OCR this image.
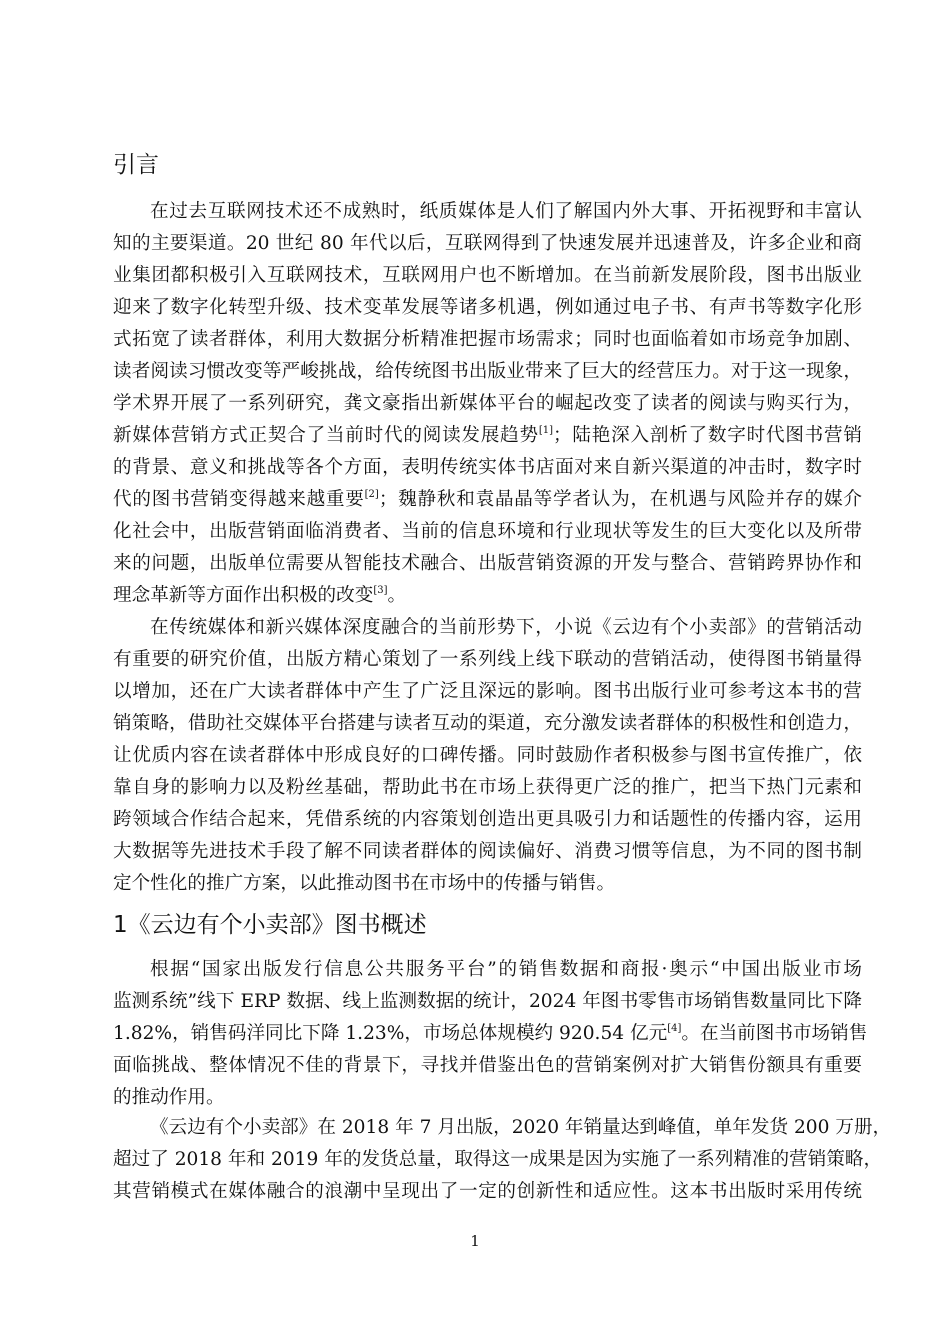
引言
在过去互联网技术还不成熟时，纸质媒体是人们了解国内外大事、开拓视野和丰富认
知的主要渠道。20 世纪 80 年代以后，互联网得到了快速发展并迅速普及，许多企业和商
业集团都积极引入互联网技术，互联网用户也不断增加。在当前新发展阶段，图书出版业
迎来了数字化转型升级、技术变革发展等诸多机遇，例如通过电子书、有声书等数字化形
式拓宽了读者群体，利用大数据分析精准把握市场需求；同时也面临着如市场竞争加剧、
读者阅读习惯改变等严峻挑战，给传统图书出版业带来了巨大的经营压力。对于这一现象，
学术界开展了一系列研究，龚文豪指出新媒体平台的崛起改变了读者的阅读与购买行为，
新媒体营销方式正契合了当前时代的阅读发展趋势[1]；陆艳深入剖析了数字时代图书营销
的背景、意义和挑战等各个方面，表明传统实体书店面对来自新兴渠道的冲击时，数字时
代的图书营销变得越来越重要[2]；魏静秋和袁晶晶等学者认为，在机遇与风险并存的媒介
化社会中，出版营销面临消费者、当前的信息环境和行业现状等发生的巨大变化以及所带
来的问题，出版单位需要从智能技术融合、出版营销资源的开发与整合、营销跨界协作和
理念革新等方面作出积极的改变[3]。
在传统媒体和新兴媒体深度融合的当前形势下，小说《云边有个小卖部》的营销活动
有重要的研究价值，出版方精心策划了一系列线上线下联动的营销活动，使得图书销量得
以增加，还在广大读者群体中产生了广泛且深远的影响。图书出版行业可参考这本书的营
销策略，借助社交媒体平台搭建与读者互动的渠道，充分激发读者群体的积极性和创造力，
让优质内容在读者群体中形成良好的口碑传播。同时鼓励作者积极参与图书宣传推广，依
靠自身的影响力以及粉丝基础，帮助此书在市场上获得更广泛的推广，把当下热门元素和
跨领域合作结合起来，凭借系统的内容策划创造出更具吸引力和话题性的传播内容，运用
大数据等先进技术手段了解不同读者群体的阅读偏好、消费习惯等信息，为不同的图书制
定个性化的推广方案，以此推动图书在市场中的传播与销售。
1《云边有个小卖部》图书概述
根据“国家出版发行信息公共服务平台”的销售数据和商报·奥示“中国出版业市场
监测系统”线下 ERP 数据、线上监测数据的统计，2024 年图书零售市场销售数量同比下降
1.82%，销售码洋同比下降 1.23%，市场总体规模约 920.54 亿元[4]。在当前图书市场销售
面临挑战、整体情况不佳的背景下，寻找并借鉴出色的营销案例对扩大销售份额具有重要
的推动作用。
《云边有个小卖部》在 2018 年 7 月出版，2020 年销量达到峰值，单年发货 200 万册，
超过了 2018 年和 2019 年的发货总量，取得这一成果是因为实施了一系列精准的营销策略，
其营销模式在媒体融合的浪潮中呈现出了一定的创新性和适应性。这本书出版时采用传统
1
